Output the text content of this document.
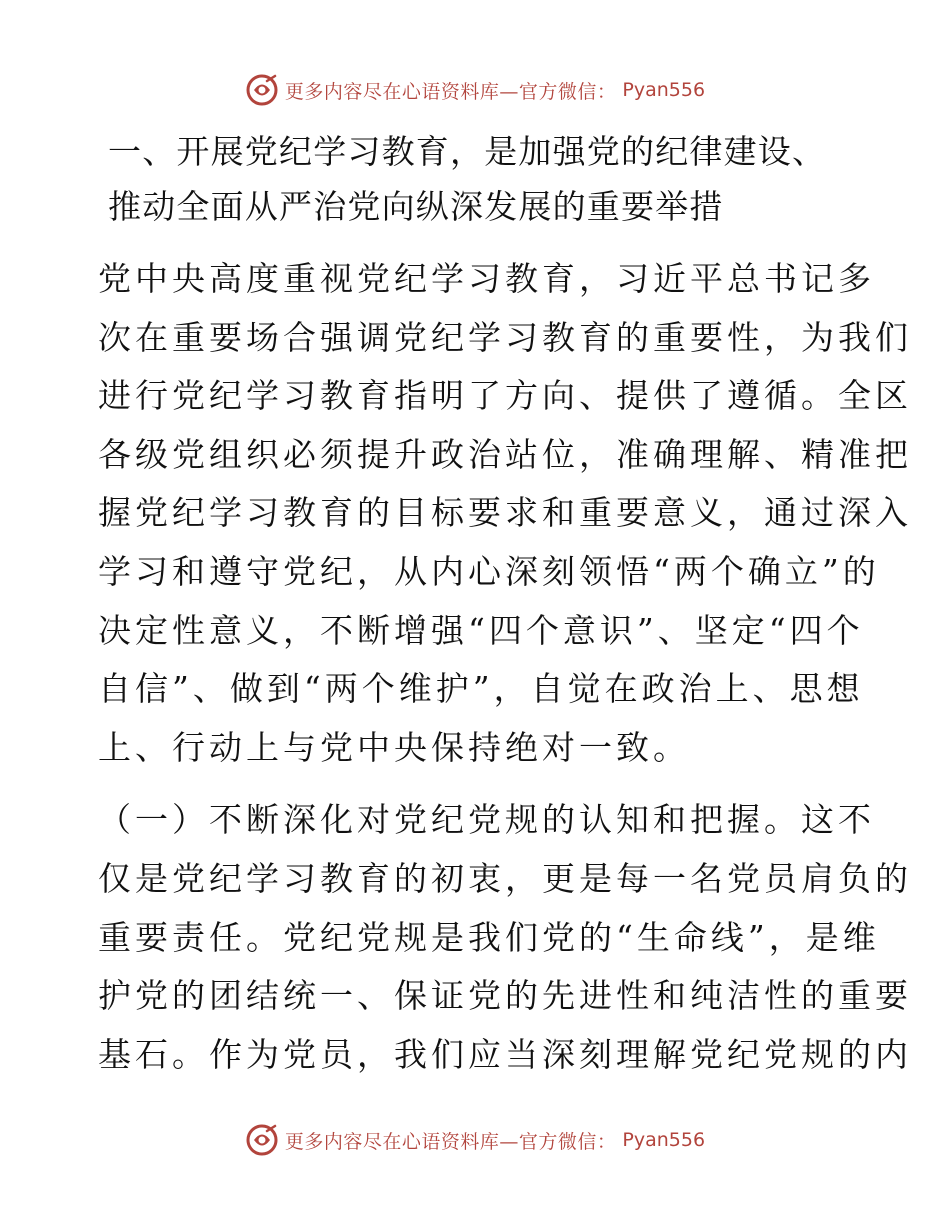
更多内容尽在心语资料库—官方微信： Pyan556
一、开展党纪学习教育，是加强党的纪律建设、
推动全面从严治党向纵深发展的重要举措

党中央高度重视党纪学习教育，习近平总书记多
次在重要场合强调党纪学习教育的重要性，为我们
进行党纪学习教育指明了方向、提供了遵循。全区
各级党组织必须提升政治站位，准确理解、精准把
握党纪学习教育的目标要求和重要意义，通过深入
学习和遵守党纪，从内心深刻领悟“两个确立”的
决定性意义，不断增强“四个意识”、坚定“四个
自信”、做到“两个维护”，自觉在政治上、思想
上、行动上与党中央保持绝对一致。

（一）不断深化对党纪党规的认知和把握。这不
仅是党纪学习教育的初衷，更是每一名党员肩负的
重要责任。党纪党规是我们党的“生命线”，是维
护党的团结统一、保证党的先进性和纯洁性的重要
基石。作为党员，我们应当深刻理解党纪党规的内

更多内容尽在心语资料库—官方微信： Pyan556
